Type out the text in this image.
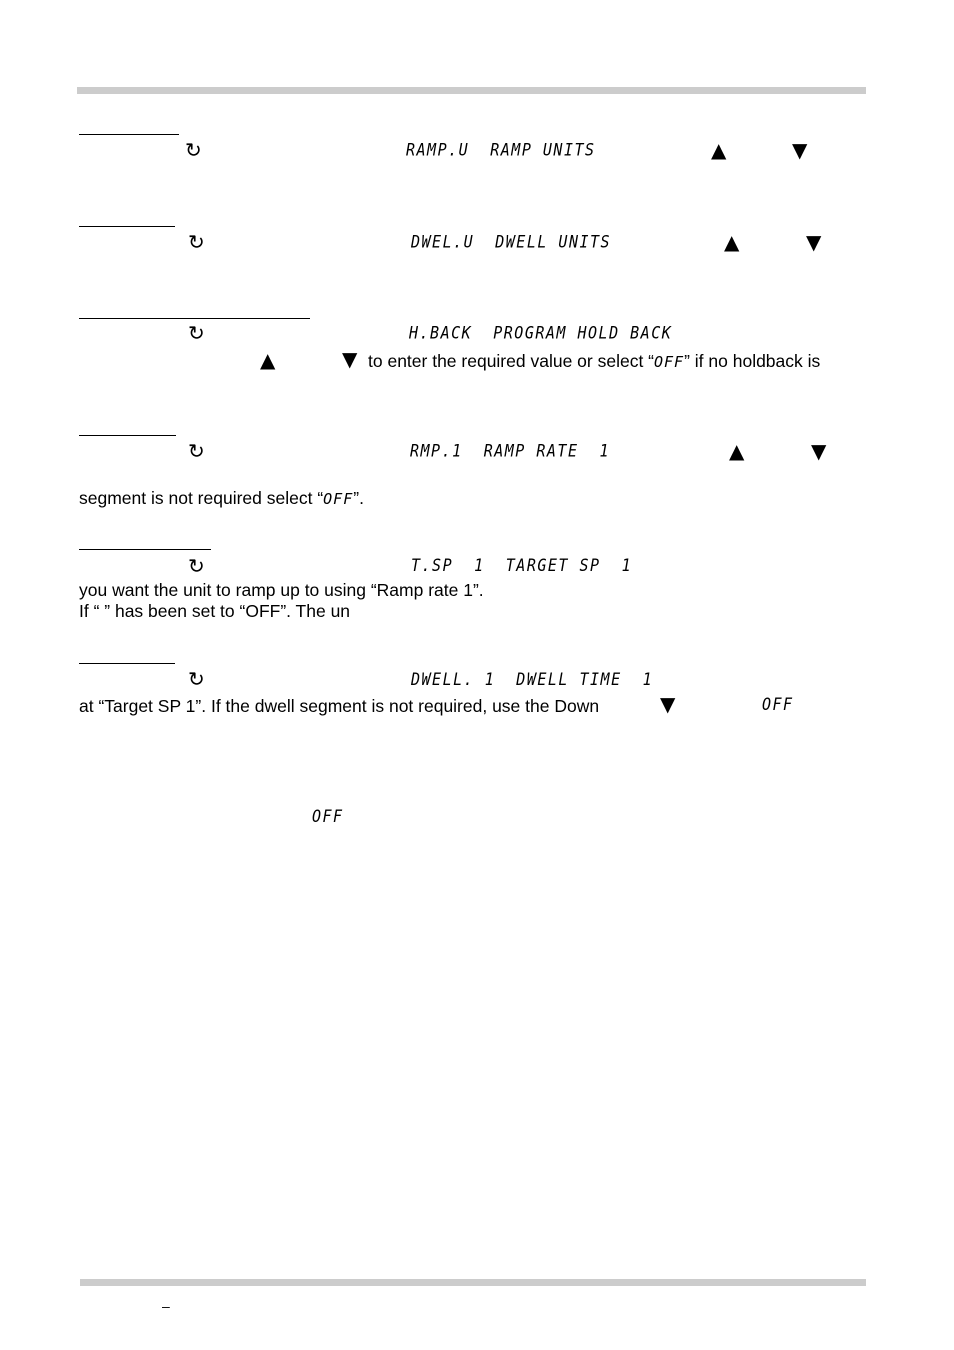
↻	RAMP.U  RAMP UNITS	▲	▼
↻	DWEL.U  DWELL UNITS	▲	▼
↻	H.BACK  PROGRAM HOLD BACK
▲	▼ to enter the required value or select “OFF” if no holdback is
↻	RMP.1  RAMP RATE  1	▲	▼
segment is not required select “OFF”.
↻	T.SP  1  TARGET SP  1
you want the unit to ramp up to using “Ramp rate 1”.
If “ ” has been set to “OFF”. The un
↻	DWELL. 1  DWELL TIME  1
at “Target SP 1”. If the dwell segment is not required, use the Down	▼	OFF
OFF
–
